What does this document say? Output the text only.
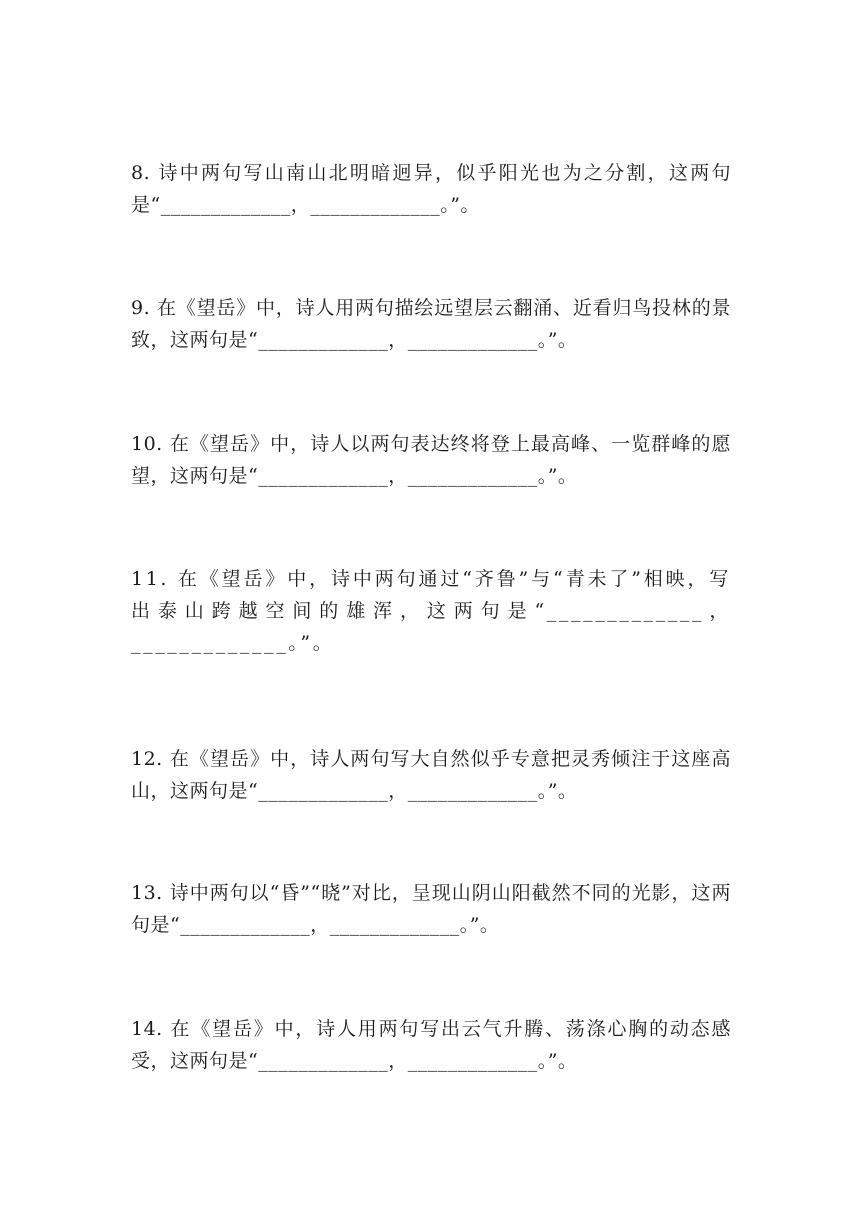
8. 诗中两句写山南山北明暗迥异，似乎阳光也为之分割，这两句是“_____________，_____________。”。
9. 在《望岳》中，诗人用两句描绘远望层云翻涌、近看归鸟投林的景致，这两句是“_____________，_____________。”。
10. 在《望岳》中，诗人以两句表达终将登上最高峰、一览群峰的愿望，这两句是“_____________，_____________。”。
11. 在《望岳》中，诗中两句通过“齐鲁”与“青未了”相映，写出泰山跨越空间的雄浑，这两句是“_____________，_____________。”。
12. 在《望岳》中，诗人两句写大自然似乎专意把灵秀倾注于这座高山，这两句是“_____________，_____________。”。
13. 诗中两句以“昏”“晓”对比，呈现山阴山阳截然不同的光影，这两句是“_____________，_____________。”。
14. 在《望岳》中，诗人用两句写出云气升腾、荡涤心胸的动态感受，这两句是“_____________，_____________。”。
